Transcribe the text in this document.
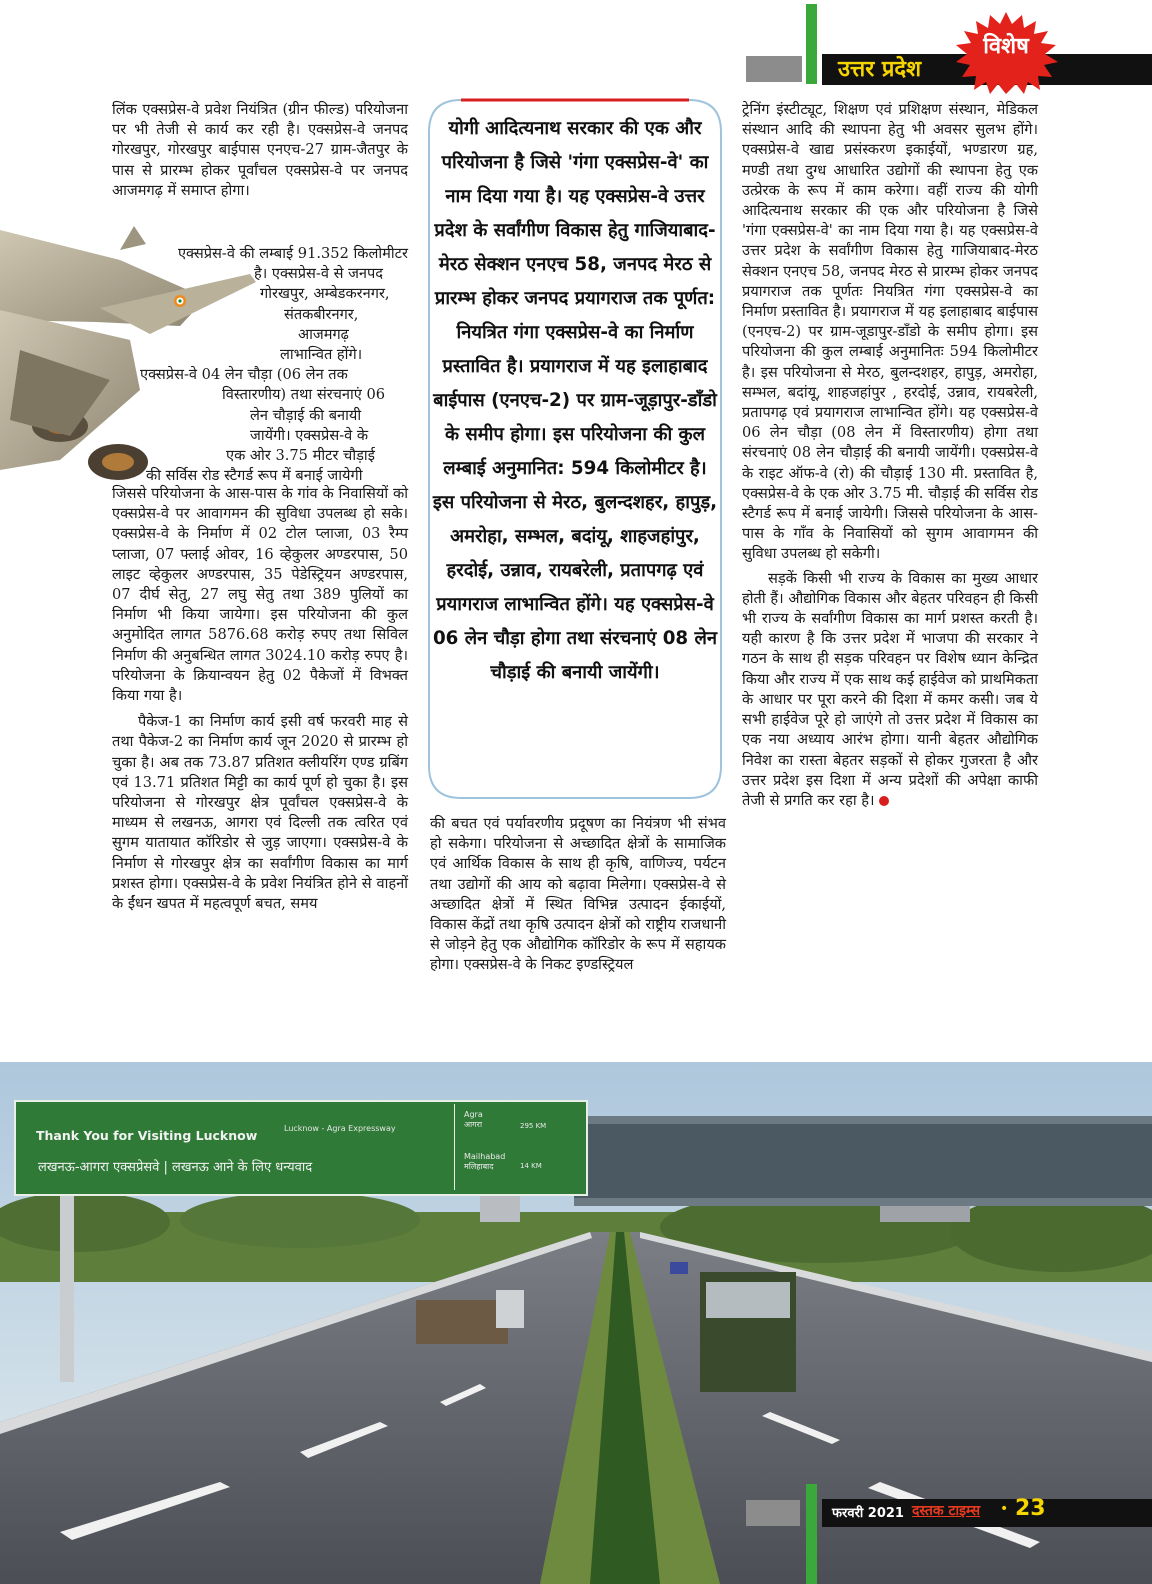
उत्तर प्रदेश
विशेष

लिंक एक्सप्रेस-वे प्रवेश नियंत्रित (ग्रीन फील्ड) परियोजना पर भी तेजी से कार्य कर रही है। एक्सप्रेस-वे जनपद गोरखपुर, गोरखपुर बाईपास एनएच-27 ग्राम-जैतपुर के पास से प्रारम्भ होकर पूर्वांचल एक्सप्रेस-वे पर जनपद आजमगढ़ में समाप्त होगा।

एक्सप्रेस-वे की लम्बाई 91.352 किलोमीटर
है। एक्सप्रेस-वे से जनपद
गोरखपुर, अम्बेडकरनगर,
संतकबीरनगर,
आजमगढ़
लाभान्वित होंगे।
एक्सप्रेस-वे 04 लेन चौड़ा (06 लेन तक
विस्तारणीय) तथा संरचनाएं 06
लेन चौड़ाई की बनायी
जायेंगी। एक्सप्रेस-वे के
एक ओर 3.75 मीटर चौड़ाई
की सर्विस रोड स्टैगर्ड रूप में बनाई जायेगी

जिससे परियोजना के आस-पास के गांव के निवासियों को एक्सप्रेस-वे पर आवागमन की सुविधा उपलब्ध हो सके। एक्सप्रेस-वे के निर्माण में 02 टोल प्लाजा, 03 रैम्प प्लाजा, 07 फ्लाई ओवर, 16 व्हेकुलर अण्डरपास, 50 लाइट व्हेकुलर अण्डरपास, 35 पेडेस्ट्रियन अण्डरपास, 07 दीर्घ सेतु, 27 लघु सेतु तथा 389 पुलियों का निर्माण भी किया जायेगा। इस परियोजना की कुल अनुमोदित लागत 5876.68 करोड़ रुपए तथा सिविल निर्माण की अनुबन्धित लागत 3024.10 करोड़ रुपए है। परियोजना के क्रियान्वयन हेतु 02 पैकेजों में विभक्त किया गया है।

पैकेज-1 का निर्माण कार्य इसी वर्ष फरवरी माह से तथा पैकेज-2 का निर्माण कार्य जून 2020 से प्रारम्भ हो चुका है। अब तक 73.87 प्रतिशत क्लीयरिंग एण्ड ग्रबिंग एवं 13.71 प्रतिशत मिट्टी का कार्य पूर्ण हो चुका है। इस परियोजना से गोरखपुर क्षेत्र पूर्वांचल एक्सप्रेस-वे के माध्यम से लखनऊ, आगरा एवं दिल्ली तक त्वरित एवं सुगम यातायात कॉरिडोर से जुड़ जाएगा। एक्सप्रेस-वे के निर्माण से गोरखपुर क्षेत्र का सर्वांगीण विकास का मार्ग प्रशस्त होगा। एक्सप्रेस-वे के प्रवेश नियंत्रित होने से वाहनों के ईंधन खपत में महत्वपूर्ण बचत, समय

योगी आदित्यनाथ सरकार की एक और परियोजना है जिसे 'गंगा एक्सप्रेस-वे' का नाम दिया गया है। यह एक्सप्रेस-वे उत्तर प्रदेश के सर्वांगीण विकास हेतु गाजियाबाद-मेरठ सेक्शन एनएच 58, जनपद मेरठ से प्रारम्भ होकर जनपद प्रयागराज तक पूर्णत: नियत्रित गंगा एक्सप्रेस-वे का निर्माण प्रस्तावित है। प्रयागराज में यह इलाहाबाद बाईपास (एनएच-2) पर ग्राम-जूड़ापुर-डॉंडो के समीप होगा। इस परियोजना की कुल लम्बाई अनुमानित: 594 किलोमीटर है। इस परियोजना से मेरठ, बुलन्दशहर, हापुड़, अमरोहा, सम्भल, बदांयू, शाहजहांपुर, हरदोई, उन्नाव, रायबरेली, प्रतापगढ़ एवं प्रयागराज लाभान्वित होंगे। यह एक्सप्रेस-वे 06 लेन चौड़ा होगा तथा संरचनाएं 08 लेन चौड़ाई की बनायी जायेंगी।

की बचत एवं पर्यावरणीय प्रदूषण का नियंत्रण भी संभव हो सकेगा। परियोजना से अच्छादित क्षेत्रों के सामाजिक एवं आर्थिक विकास के साथ ही कृषि, वाणिज्य, पर्यटन तथा उद्योगों की आय को बढ़ावा मिलेगा। एक्सप्रेस-वे से अच्छादित क्षेत्रों में स्थित विभिन्न उत्पादन ईकाईयों, विकास केंद्रों तथा कृषि उत्पादन क्षेत्रों को राष्ट्रीय राजधानी से जोड़ने हेतु एक औद्योगिक कॉरिडोर के रूप में सहायक होगा। एक्सप्रेस-वे के निकट इण्डस्ट्रियल

ट्रेनिंग इंस्टीट्यूट, शिक्षण एवं प्रशिक्षण संस्थान, मेडिकल संस्थान आदि की स्थापना हेतु भी अवसर सुलभ होंगे। एक्सप्रेस-वे खाद्य प्रसंस्करण इकाईयों, भण्डारण ग्रह, मण्डी तथा दुग्ध आधारित उद्योगों की स्थापना हेतु एक उत्प्रेरक के रूप में काम करेगा। वहीं राज्य की योगी आदित्यनाथ सरकार की एक और परियोजना है जिसे 'गंगा एक्सप्रेस-वे' का नाम दिया गया है। यह एक्सप्रेस-वे उत्तर प्रदेश के सर्वांगीण विकास हेतु गाजियाबाद-मेरठ सेक्शन एनएच 58, जनपद मेरठ से प्रारम्भ होकर जनपद प्रयागराज तक पूर्णतः नियत्रित गंगा एक्सप्रेस-वे का निर्माण प्रस्तावित है। प्रयागराज में यह इलाहाबाद बाईपास (एनएच-2) पर ग्राम-जूडापुर-डॉंडो के समीप होगा। इस परियोजना की कुल लम्बाई अनुमानितः 594 किलोमीटर है। इस परियोजना से मेरठ, बुलन्दशहर, हापुड़, अमरोहा, सम्भल, बदांयू, शाहजहांपुर , हरदोई, उन्नाव, रायबरेली, प्रतापगढ़ एवं प्रयागराज लाभान्वित होंगे। यह एक्सप्रेस-वे 06 लेन चौड़ा (08 लेन में विस्तारणीय) होगा तथा संरचनाएं 08 लेन चौड़ाई की बनायी जायेंगी। एक्सप्रेस-वे के राइट ऑफ-वे (रो) की चौड़ाई 130 मी. प्रस्तावित है, एक्सप्रेस-वे के एक ओर 3.75 मी. चौड़ाई की सर्विस रोड स्टैगर्ड रूप में बनाई जायेगी। जिससे परियोजना के आस-पास के गाँव के निवासियों को सुगम आवागमन की सुविधा उपलब्ध हो सकेगी।

सड़कें किसी भी राज्य के विकास का मुख्य आधार होती हैं। औद्योगिक विकास और बेहतर परिवहन ही किसी भी राज्य के सर्वांगीण विकास का मार्ग प्रशस्त करती है। यही कारण है कि उत्तर प्रदेश में भाजपा की सरकार ने गठन के साथ ही सड़क परिवहन पर विशेष ध्यान केन्द्रित किया और राज्य में एक साथ कई हाईवेज को प्राथमिकता के आधार पर पूरा करने की दिशा में कमर कसी। जब ये सभी हाईवेज पूरे हो जाएंगे तो उत्तर प्रदेश में विकास का एक नया अध्याय आरंभ होगा। यानी बेहतर औद्योगिक निवेश का रास्ता बेहतर सड़कों से होकर गुजरता है और उत्तर प्रदेश इस दिशा में अन्य प्रदेशों की अपेक्षा काफी तेजी से प्रगति कर रहा है।

Thank You for Visiting Lucknow	Lucknow - Agra Expressway
लखनऊ-आगरा एक्सप्रेसवे | लखनऊ आने के लिए धन्यवाद
Agra
आगरा	295 KM
Mailhabad
मलिहाबाद	14 KM
फरवरी 2021 दस्तक टाइम्स • 23
